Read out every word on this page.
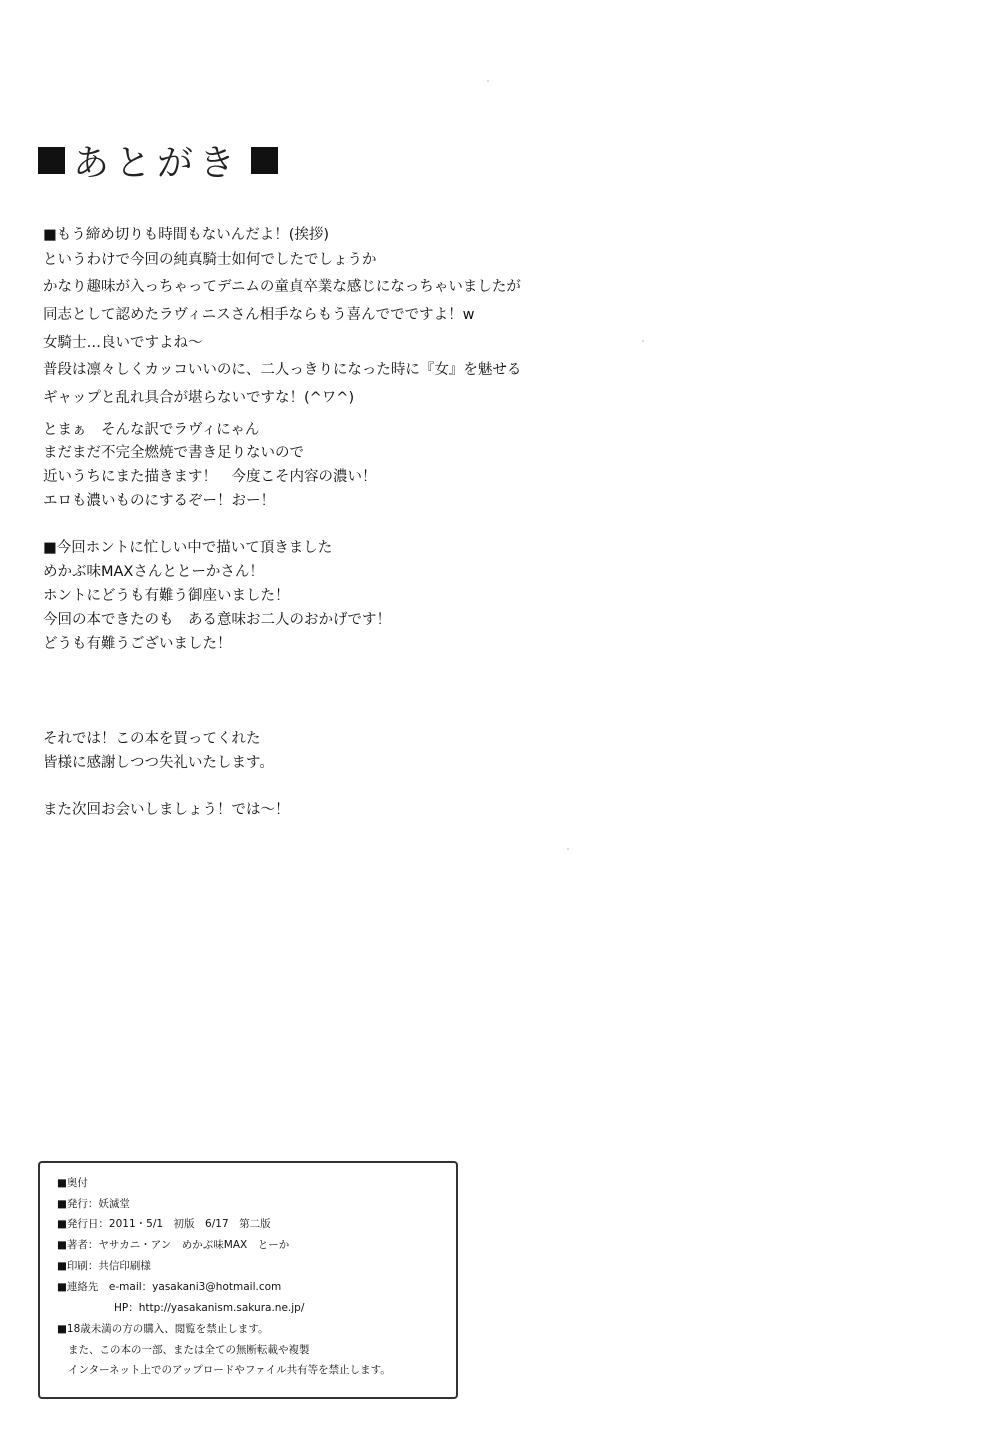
あとがき
■もう締め切りも時間もないんだよ！(挨拶)
というわけで今回の純真騎士如何でしたでしょうか
かなり趣味が入っちゃってデニムの童貞卒業な感じになっちゃいましたが
同志として認めたラヴィニスさん相手ならもう喜んででですよ！w
女騎士…良いですよね～
普段は凛々しくカッコいいのに、二人っきりになった時に『女』を魅せる
ギャップと乱れ具合が堪らないですな！(^ワ^)
とまぁ　そんな訳でラヴィにゃん
まだまだ不完全燃焼で書き足りないので
近いうちにまた描きます！　今度こそ内容の濃い！
エロも濃いものにするぞー！おー！
■今回ホントに忙しい中で描いて頂きました
めかぶ味MAXさんととーかさん！
ホントにどうも有難う御座いました！
今回の本できたのも　ある意味お二人のおかげです！
どうも有難うございました！
それでは！この本を買ってくれた
皆様に感謝しつつ失礼いたします。
また次回お会いしましょう！では～！
■奥付
■発行：妖滅堂
■発行日：2011・5/1　初版　6/17　第二版
■著者：ヤサカニ・アン　めかぶ味MAX　とーか
■印刷：共信印刷様
■連絡先　e-mail：yasakani3@hotmail.com
HP：http://yasakanism.sakura.ne.jp/
■18歳未満の方の購入、閲覧を禁止します。
また、この本の一部、または全ての無断転載や複製
インターネット上でのアップロードやファイル共有等を禁止します。
